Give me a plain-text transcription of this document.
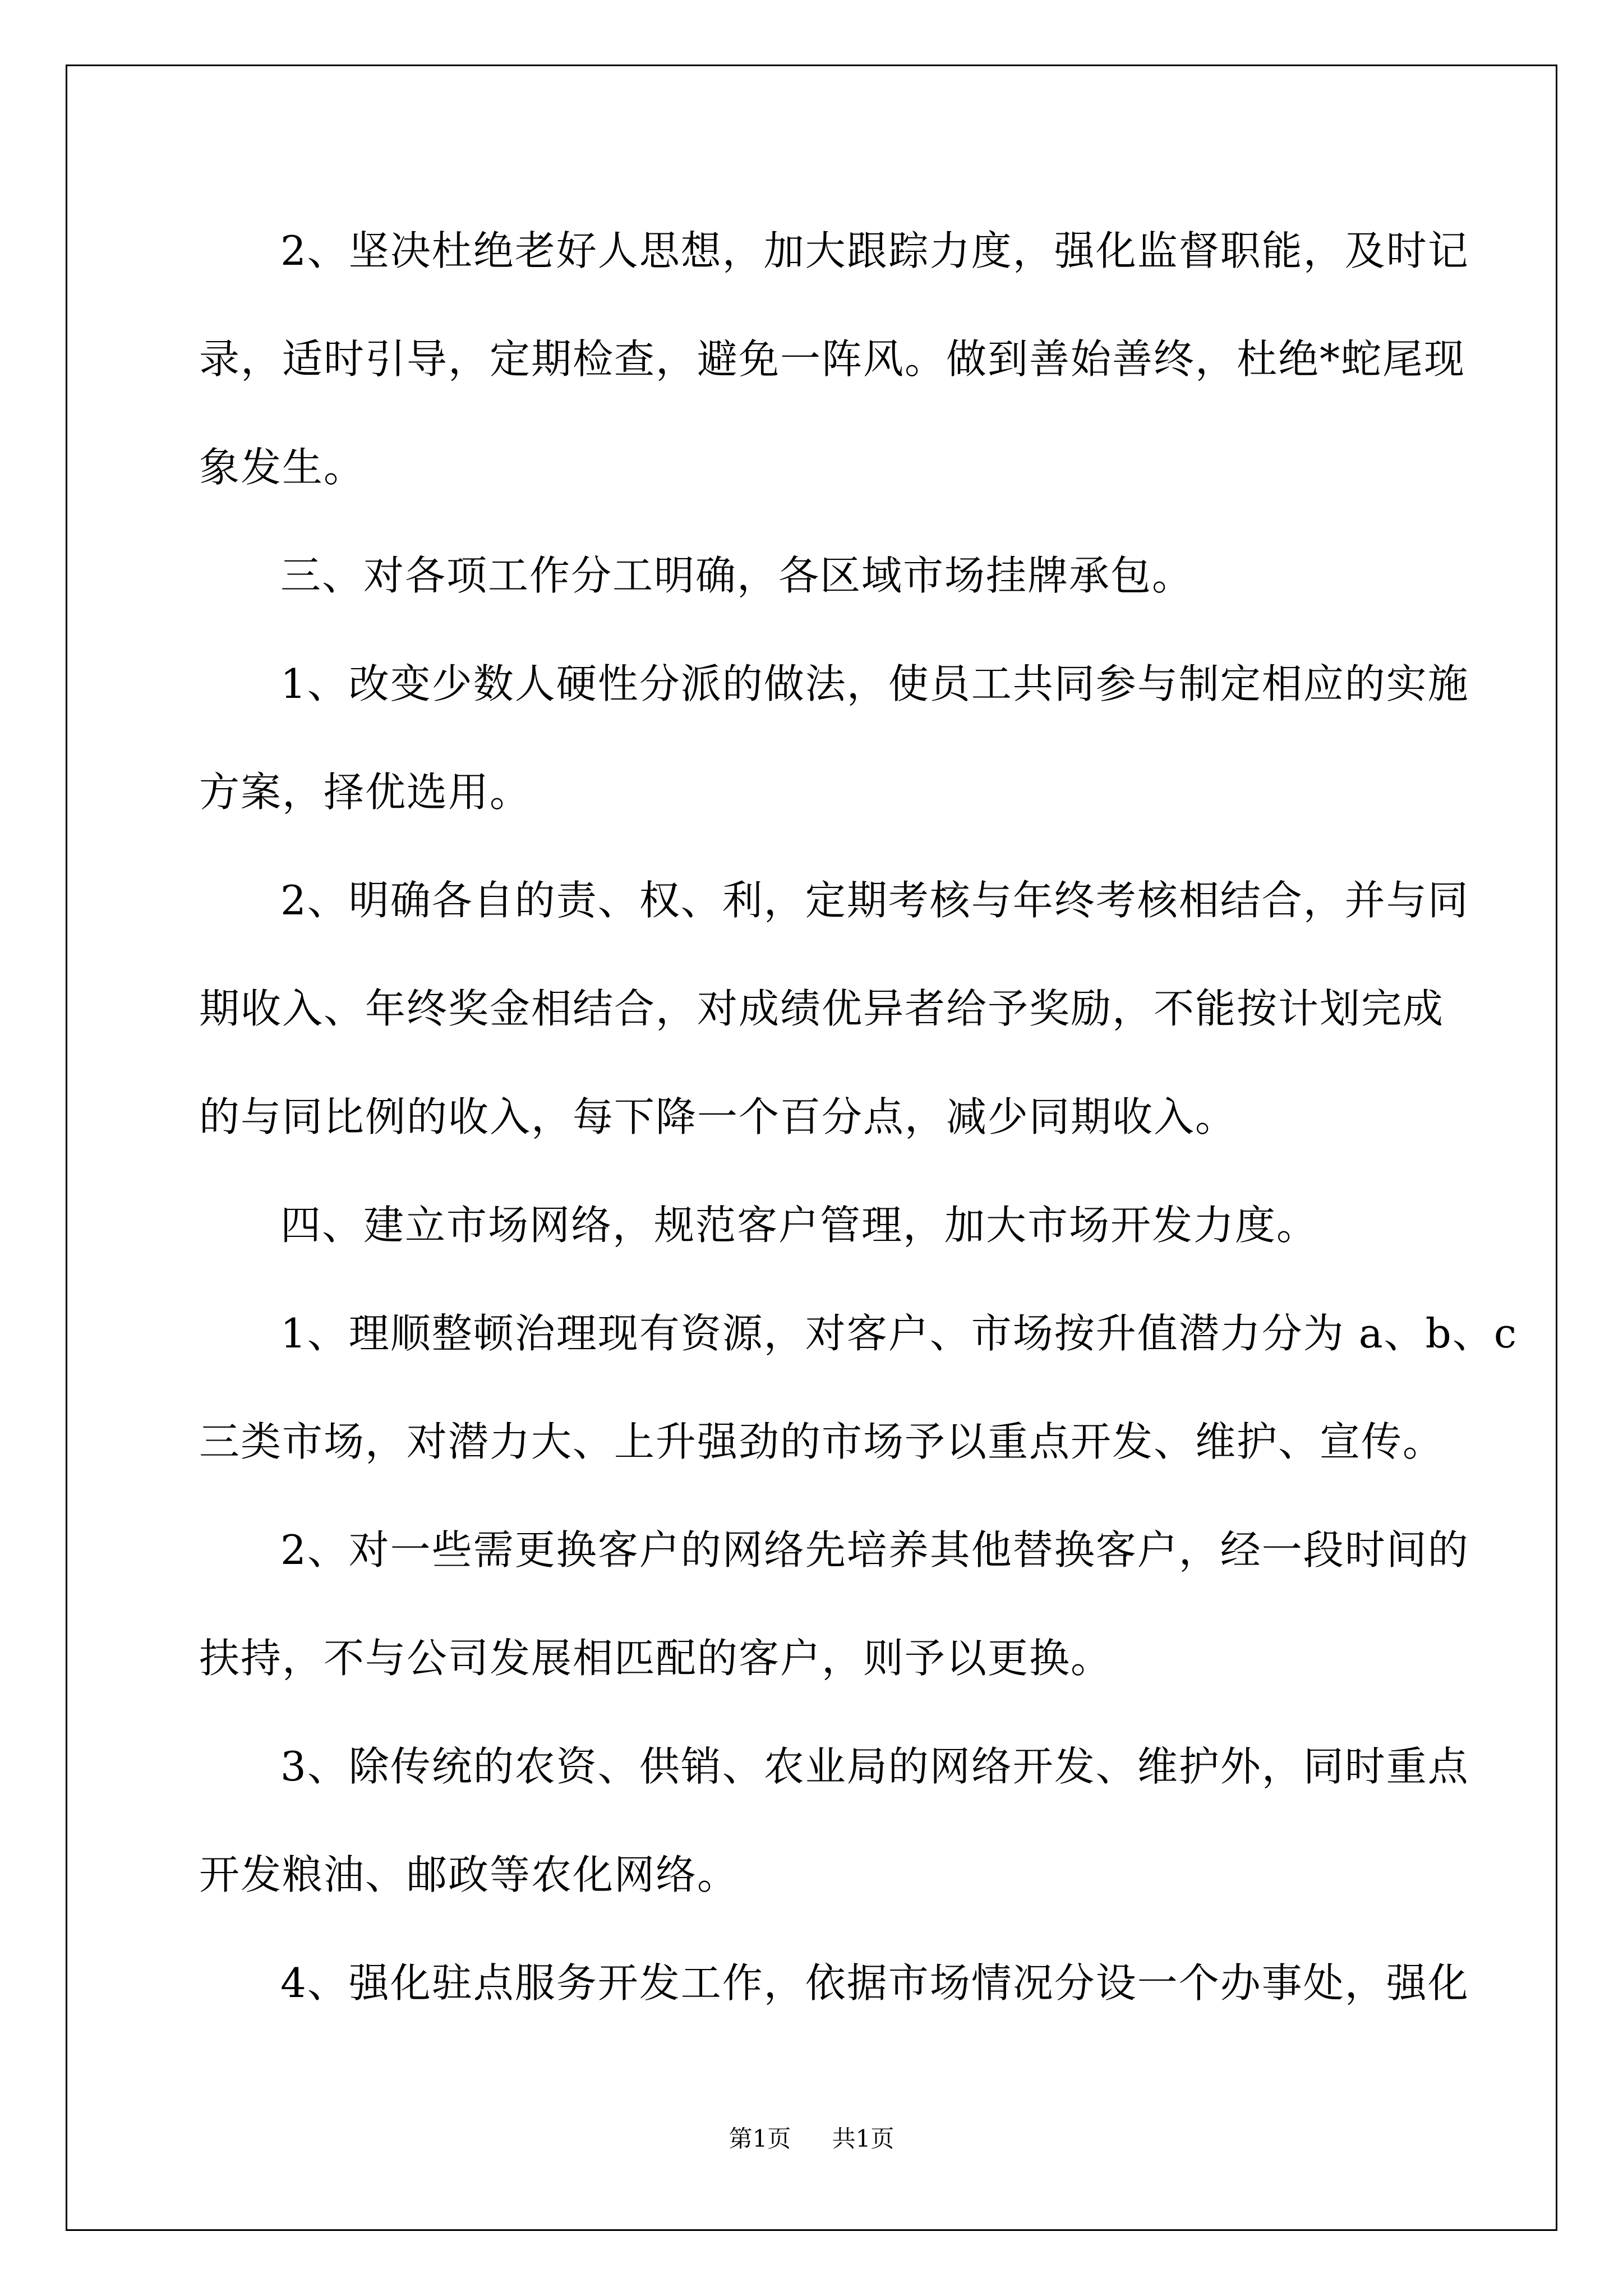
2、坚决杜绝老好人思想，加大跟踪力度，强化监督职能，及时记
录，适时引导，定期检查，避免一阵风。做到善始善终，杜绝*蛇尾现
象发生。
三、对各项工作分工明确，各区域市场挂牌承包。
1、改变少数人硬性分派的做法，使员工共同参与制定相应的实施
方案，择优选用。
2、明确各自的责、权、利，定期考核与年终考核相结合，并与同
期收入、年终奖金相结合，对成绩优异者给予奖励，不能按计划完成
的与同比例的收入，每下降一个百分点，减少同期收入。
四、建立市场网络，规范客户管理，加大市场开发力度。
1、理顺整顿治理现有资源，对客户、市场按升值潜力分为 a、b、c
三类市场，对潜力大、上升强劲的市场予以重点开发、维护、宣传。
2、对一些需更换客户的网络先培养其他替换客户，经一段时间的
扶持，不与公司发展相匹配的客户，则予以更换。
3、除传统的农资、供销、农业局的网络开发、维护外，同时重点
开发粮油、邮政等农化网络。
4、强化驻点服务开发工作，依据市场情况分设一个办事处，强化
第1页 共1页
